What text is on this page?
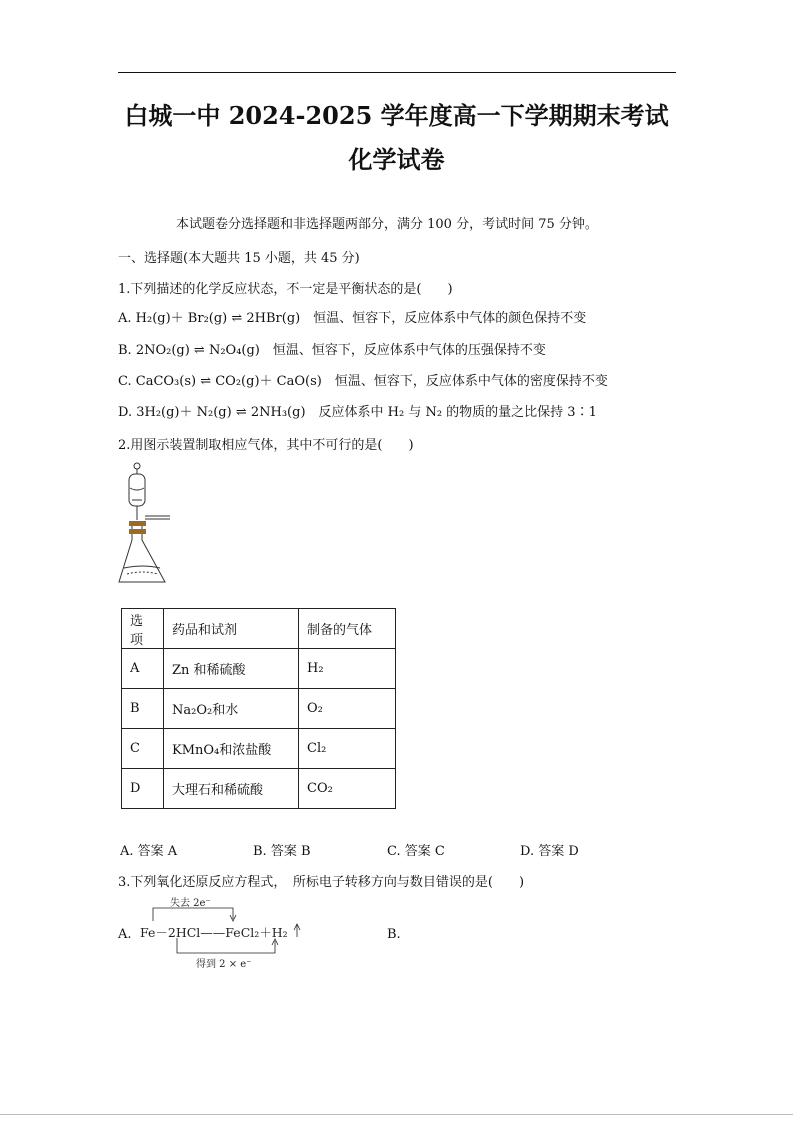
白城一中 2024-2025 学年度高一下学期期末考试
化学试卷
本试题卷分选择题和非选择题两部分，满分 100 分，考试时间 75 分钟。
一、选择题(本大题共 15 小题，共 45 分)
1.下列描述的化学反应状态，不一定是平衡状态的是(　　)
A. H₂(g)＋ Br₂(g) ⇌ 2HBr(g)　恒温、恒容下，反应体系中气体的颜色保持不变
B. 2NO₂(g) ⇌ N₂O₄(g)　恒温、恒容下，反应体系中气体的压强保持不变
C. CaCO₃(s) ⇌ CO₂(g)＋ CaO(s)　恒温、恒容下，反应体系中气体的密度保持不变
D. 3H₂(g)＋ N₂(g) ⇌ 2NH₃(g)　反应体系中 H₂ 与 N₂ 的物质的量之比保持 3∶1
2.用图示装置制取相应气体，其中不可行的是(　　)
选项	药品和试剂	制备的气体
A	Zn 和稀硫酸	H₂
B	Na₂O₂和水	O₂
C	KMnO₄和浓盐酸	Cl₂
D	大理石和稀硫酸	CO₂
A. 答案 A	B. 答案 B	C. 答案 C	D. 答案 D
3.下列氧化还原反应方程式，　所标电子转移方向与数目错误的是(　　)
A.
失去 2e⁻
Fe－2HCl——FeCl₂＋H₂
得到 2 × e⁻
B.
